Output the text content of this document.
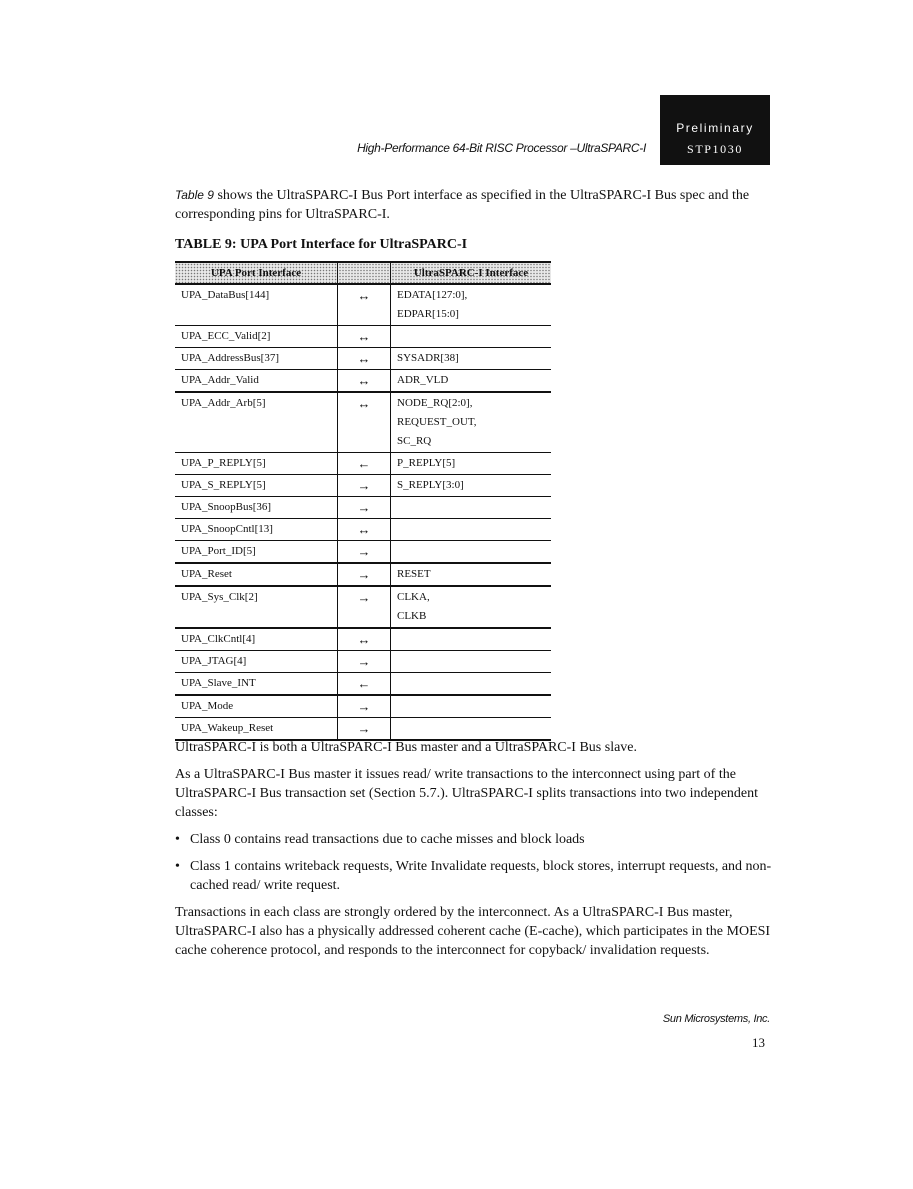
High-Performance 64-Bit RISC Processor –UltraSPARC-I
Preliminary
STP1030
Table 9 shows the UltraSPARC-I Bus Port interface as specified in the UltraSPARC-I Bus spec and the corresponding pins for UltraSPARC-I.
TABLE 9: UPA Port Interface for UltraSPARC-I
UPA Port Interface		UltraSPARC-I Interface
UPA_DataBus[144]	↔	EDATA[127:0],
EDPAR[15:0]

UPA_ECC_Valid[2]	↔	
UPA_AddressBus[37]	↔	SYSADR[38]

UPA_Addr_Valid	↔	ADR_VLD

UPA_Addr_Arb[5]	↔	NODE_RQ[2:0],
REQUEST_OUT,
SC_RQ

UPA_P_REPLY[5]	←	P_REPLY[5]

UPA_S_REPLY[5]	→	S_REPLY[3:0]

UPA_SnoopBus[36]	→	
UPA_SnoopCntl[13]	↔	
UPA_Port_ID[5]	→	
UPA_Reset	→	RESET

UPA_Sys_Clk[2]	→	CLKA,
CLKB

UPA_ClkCntl[4]	↔	
UPA_JTAG[4]	→	
UPA_Slave_INT	←	
UPA_Mode	→	
UPA_Wakeup_Reset	→	

UltraSPARC-I is both a UltraSPARC-I Bus master and a UltraSPARC-I Bus slave.

As a UltraSPARC-I Bus master it issues read/ write transactions to the interconnect using part of the UltraSPARC-I Bus transaction set (Section 5.7.). UltraSPARC-I splits transactions into two independent classes:

• Class 0 contains read transactions due to cache misses and block loads
• Class 1 contains writeback requests, Write Invalidate requests, block stores, interrupt requests, and non-cached read/ write request.

Transactions in each class are strongly ordered by the interconnect. As a UltraSPARC-I Bus master, UltraSPARC-I also has a physically addressed coherent cache (E-cache), which participates in the MOESI cache coherence protocol, and responds to the interconnect for copyback/ invalidation requests.

Sun Microsystems, Inc.
13
